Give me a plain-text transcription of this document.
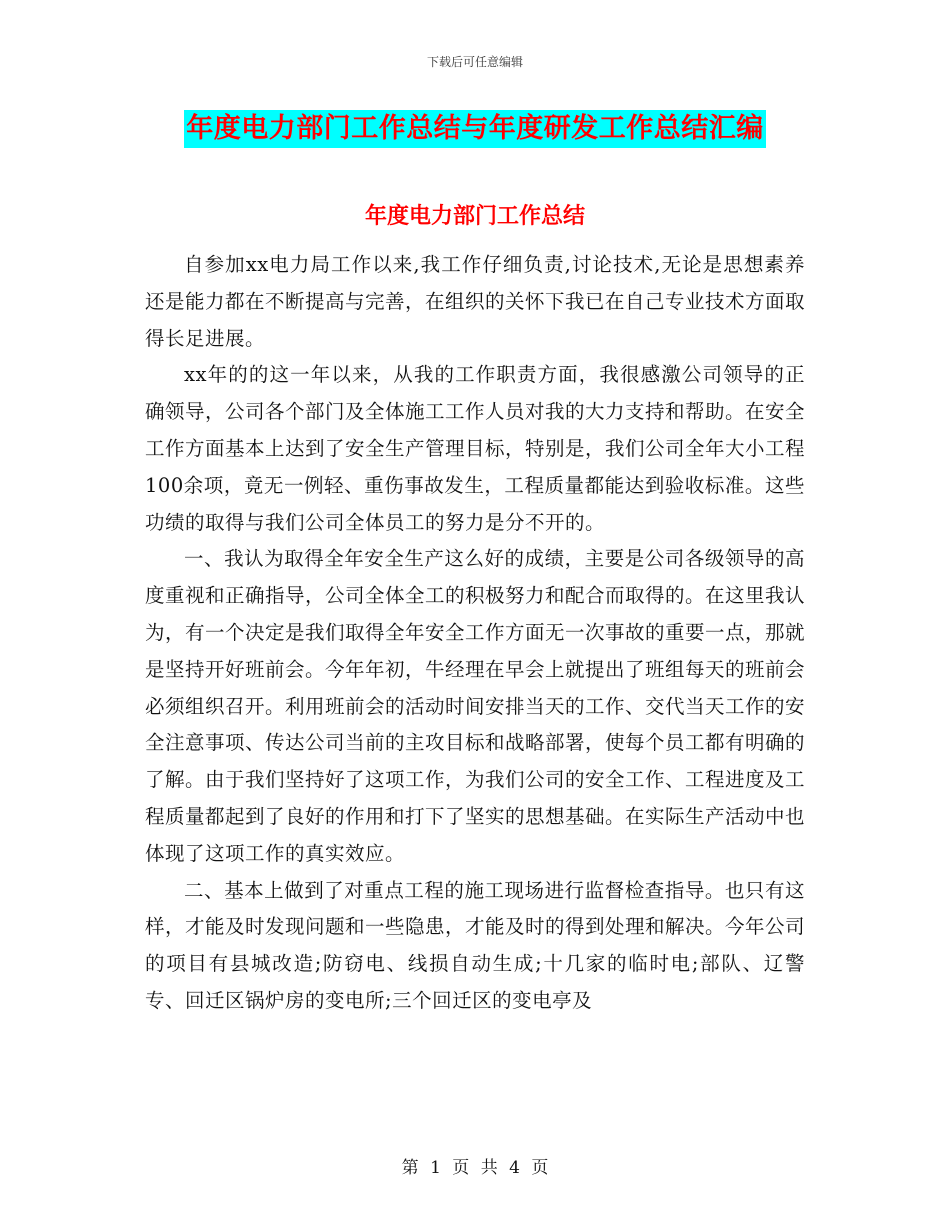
下载后可任意编辑
年度电力部门工作总结与年度研发工作总结汇编
年度电力部门工作总结

自参加xx电力局工作以来,我工作仔细负责,讨论技术,无论是思想素养还是能力都在不断提高与完善，在组织的关怀下我已在自己专业技术方面取得长足进展。

xx年的的这一年以来，从我的工作职责方面，我很感激公司领导的正确领导，公司各个部门及全体施工工作人员对我的大力支持和帮助。在安全工作方面基本上达到了安全生产管理目标，特别是，我们公司全年大小工程100余项，竟无一例轻、重伤事故发生，工程质量都能达到验收标准。这些功绩的取得与我们公司全体员工的努力是分不开的。

一、我认为取得全年安全生产这么好的成绩，主要是公司各级领导的高度重视和正确指导，公司全体全工的积极努力和配合而取得的。在这里我认为，有一个决定是我们取得全年安全工作方面无一次事故的重要一点，那就是坚持开好班前会。今年年初，牛经理在早会上就提出了班组每天的班前会必须组织召开。利用班前会的活动时间安排当天的工作、交代当天工作的安全注意事项、传达公司当前的主攻目标和战略部署，使每个员工都有明确的了解。由于我们坚持好了这项工作，为我们公司的安全工作、工程进度及工程质量都起到了良好的作用和打下了坚实的思想基础。在实际生产活动中也体现了这项工作的真实效应。

二、基本上做到了对重点工程的施工现场进行监督检查指导。也只有这样，才能及时发现问题和一些隐患，才能及时的得到处理和解决。今年公司的项目有县城改造;防窃电、线损自动生成;十几家的临时电;部队、辽警专、回迁区锅炉房的变电所;三个回迁区的变电亭及

第 1 页 共 4 页
